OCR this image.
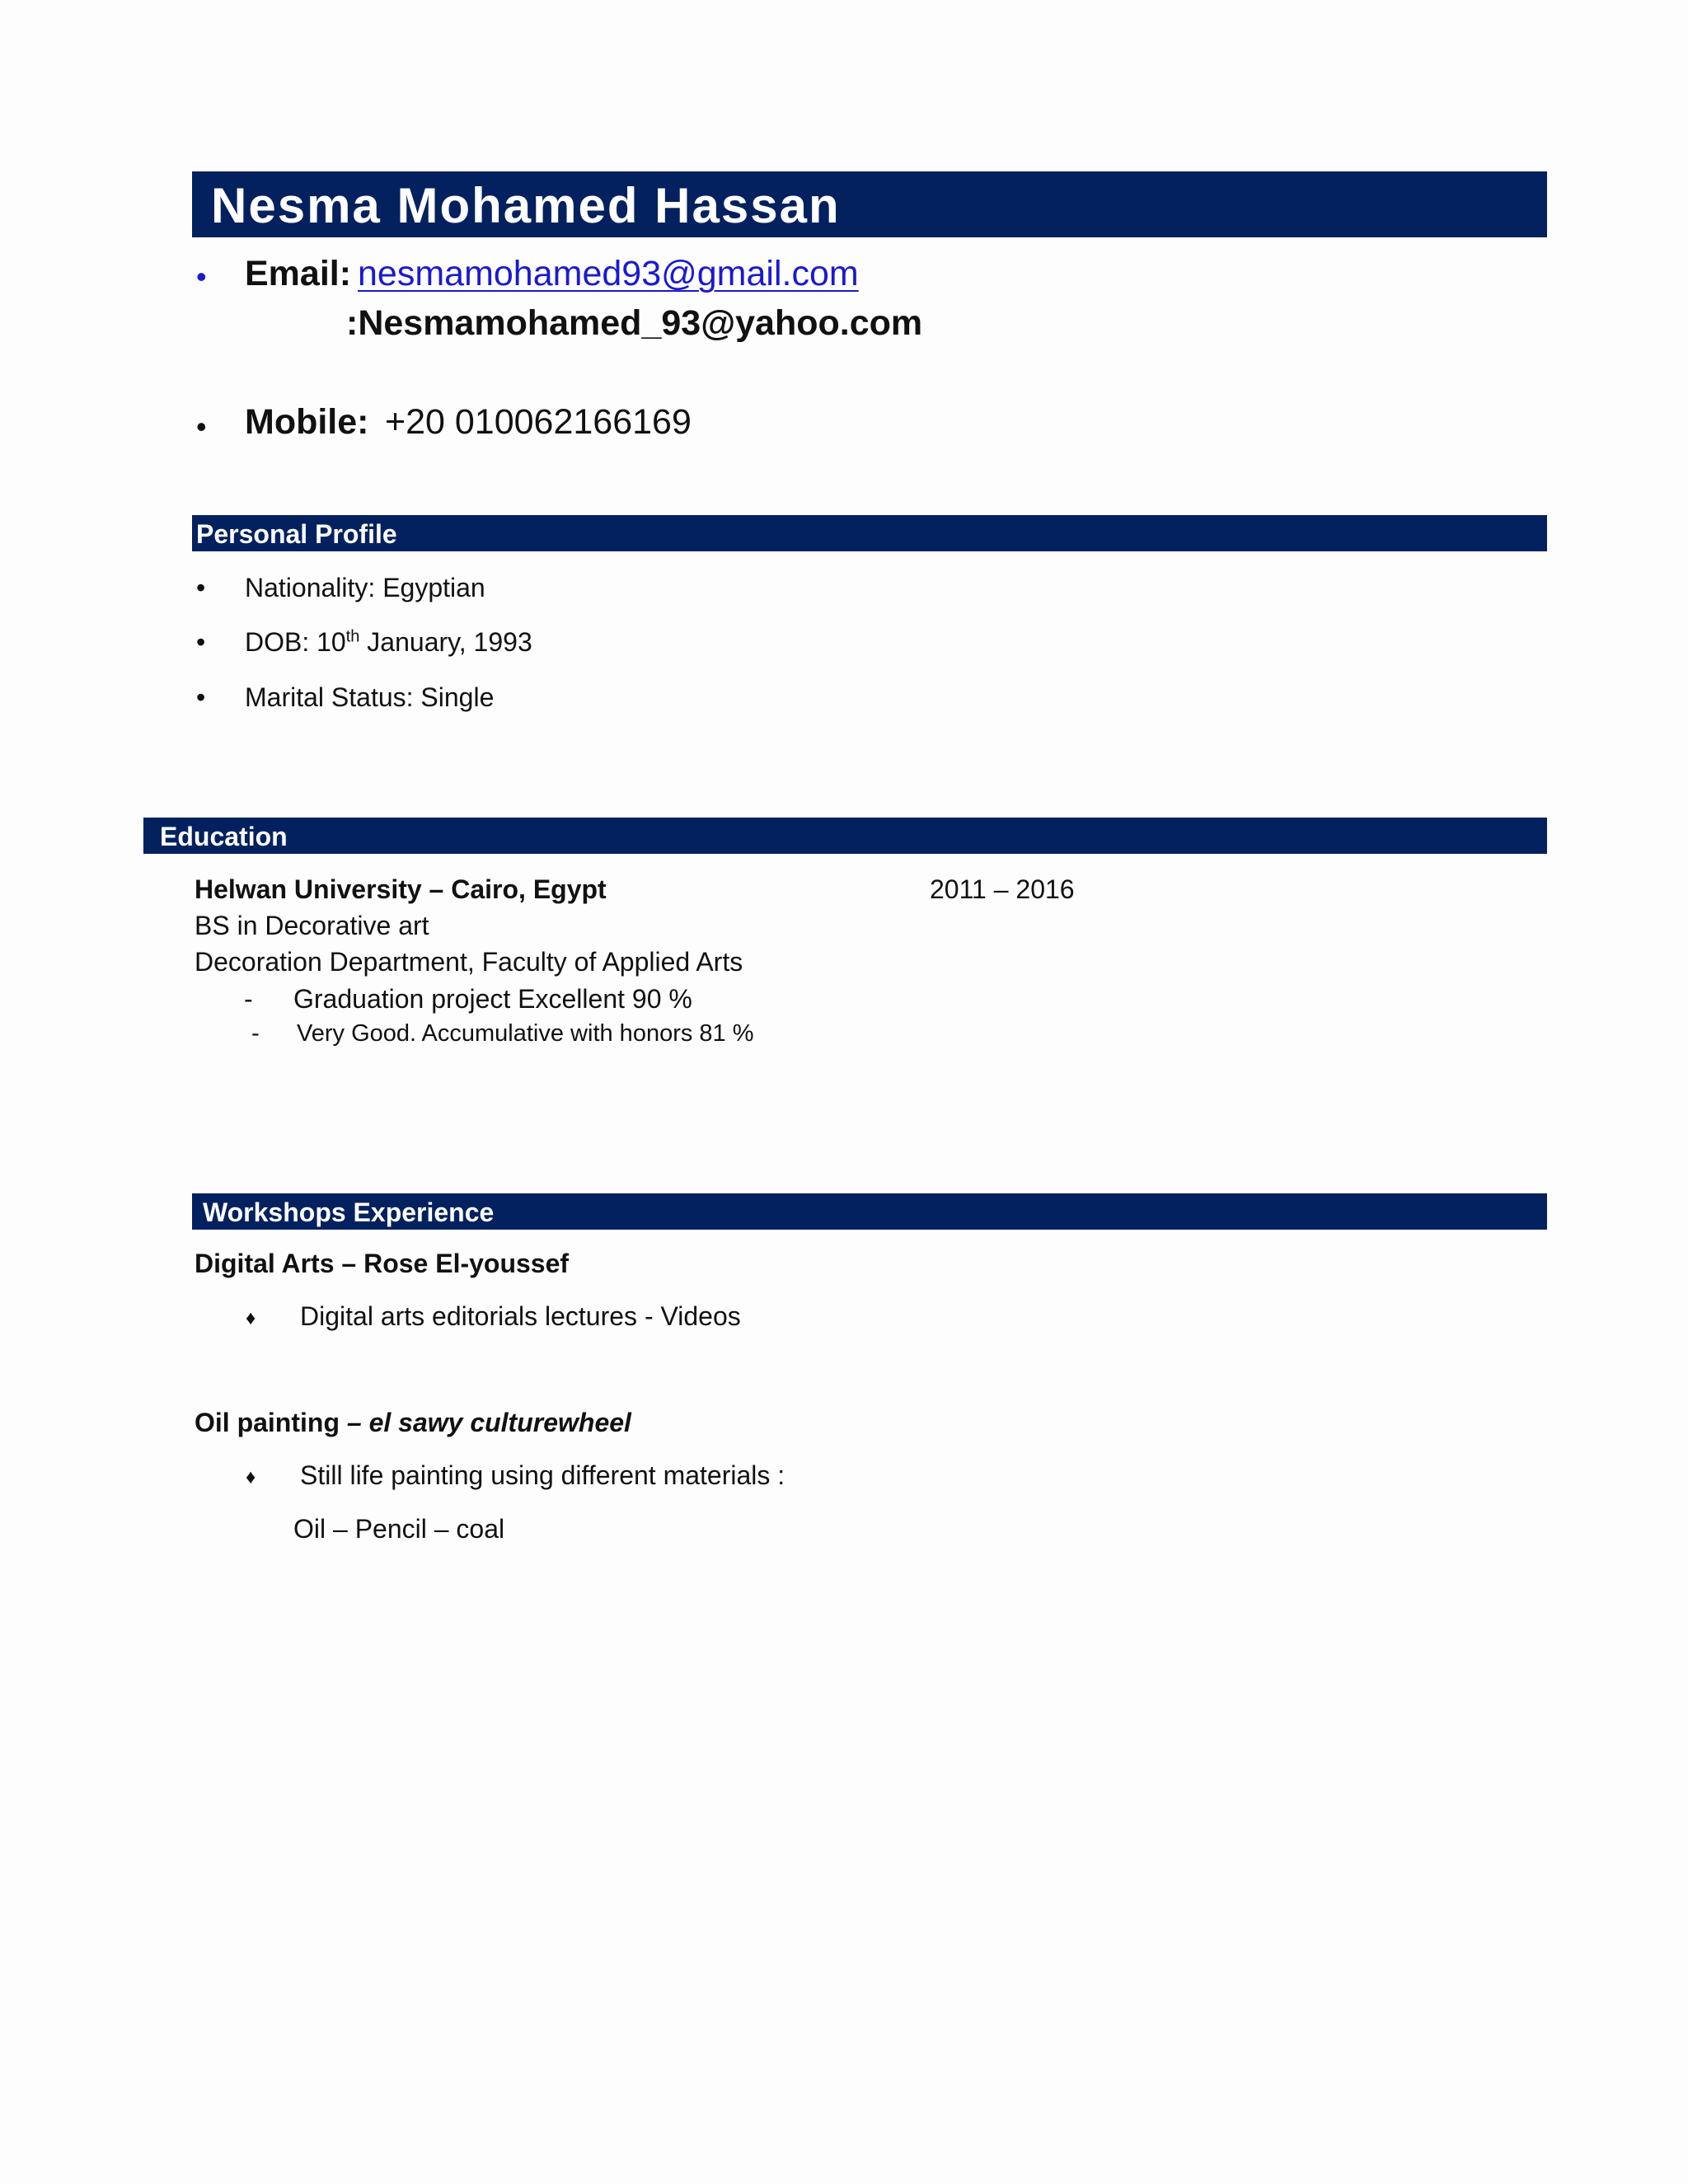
Nesma Mohamed Hassan
• Email: nesmamohamed93@gmail.com
:Nesmamohamed_93@yahoo.com
• Mobile: +20 010062166169
Personal Profile
• Nationality: Egyptian
• DOB: 10th January, 1993
• Marital Status: Single
Education
Helwan University – Cairo, Egypt	2011 – 2016
BS in Decorative art
Decoration Department, Faculty of Applied Arts
- Graduation project Excellent 90 %
- Very Good. Accumulative with honors 81 %
Workshops Experience
Digital Arts – Rose El-youssef
♦ Digital arts editorials lectures - Videos
Oil painting – el sawy culturewheel
♦ Still life painting using different materials :
Oil – Pencil – coal
